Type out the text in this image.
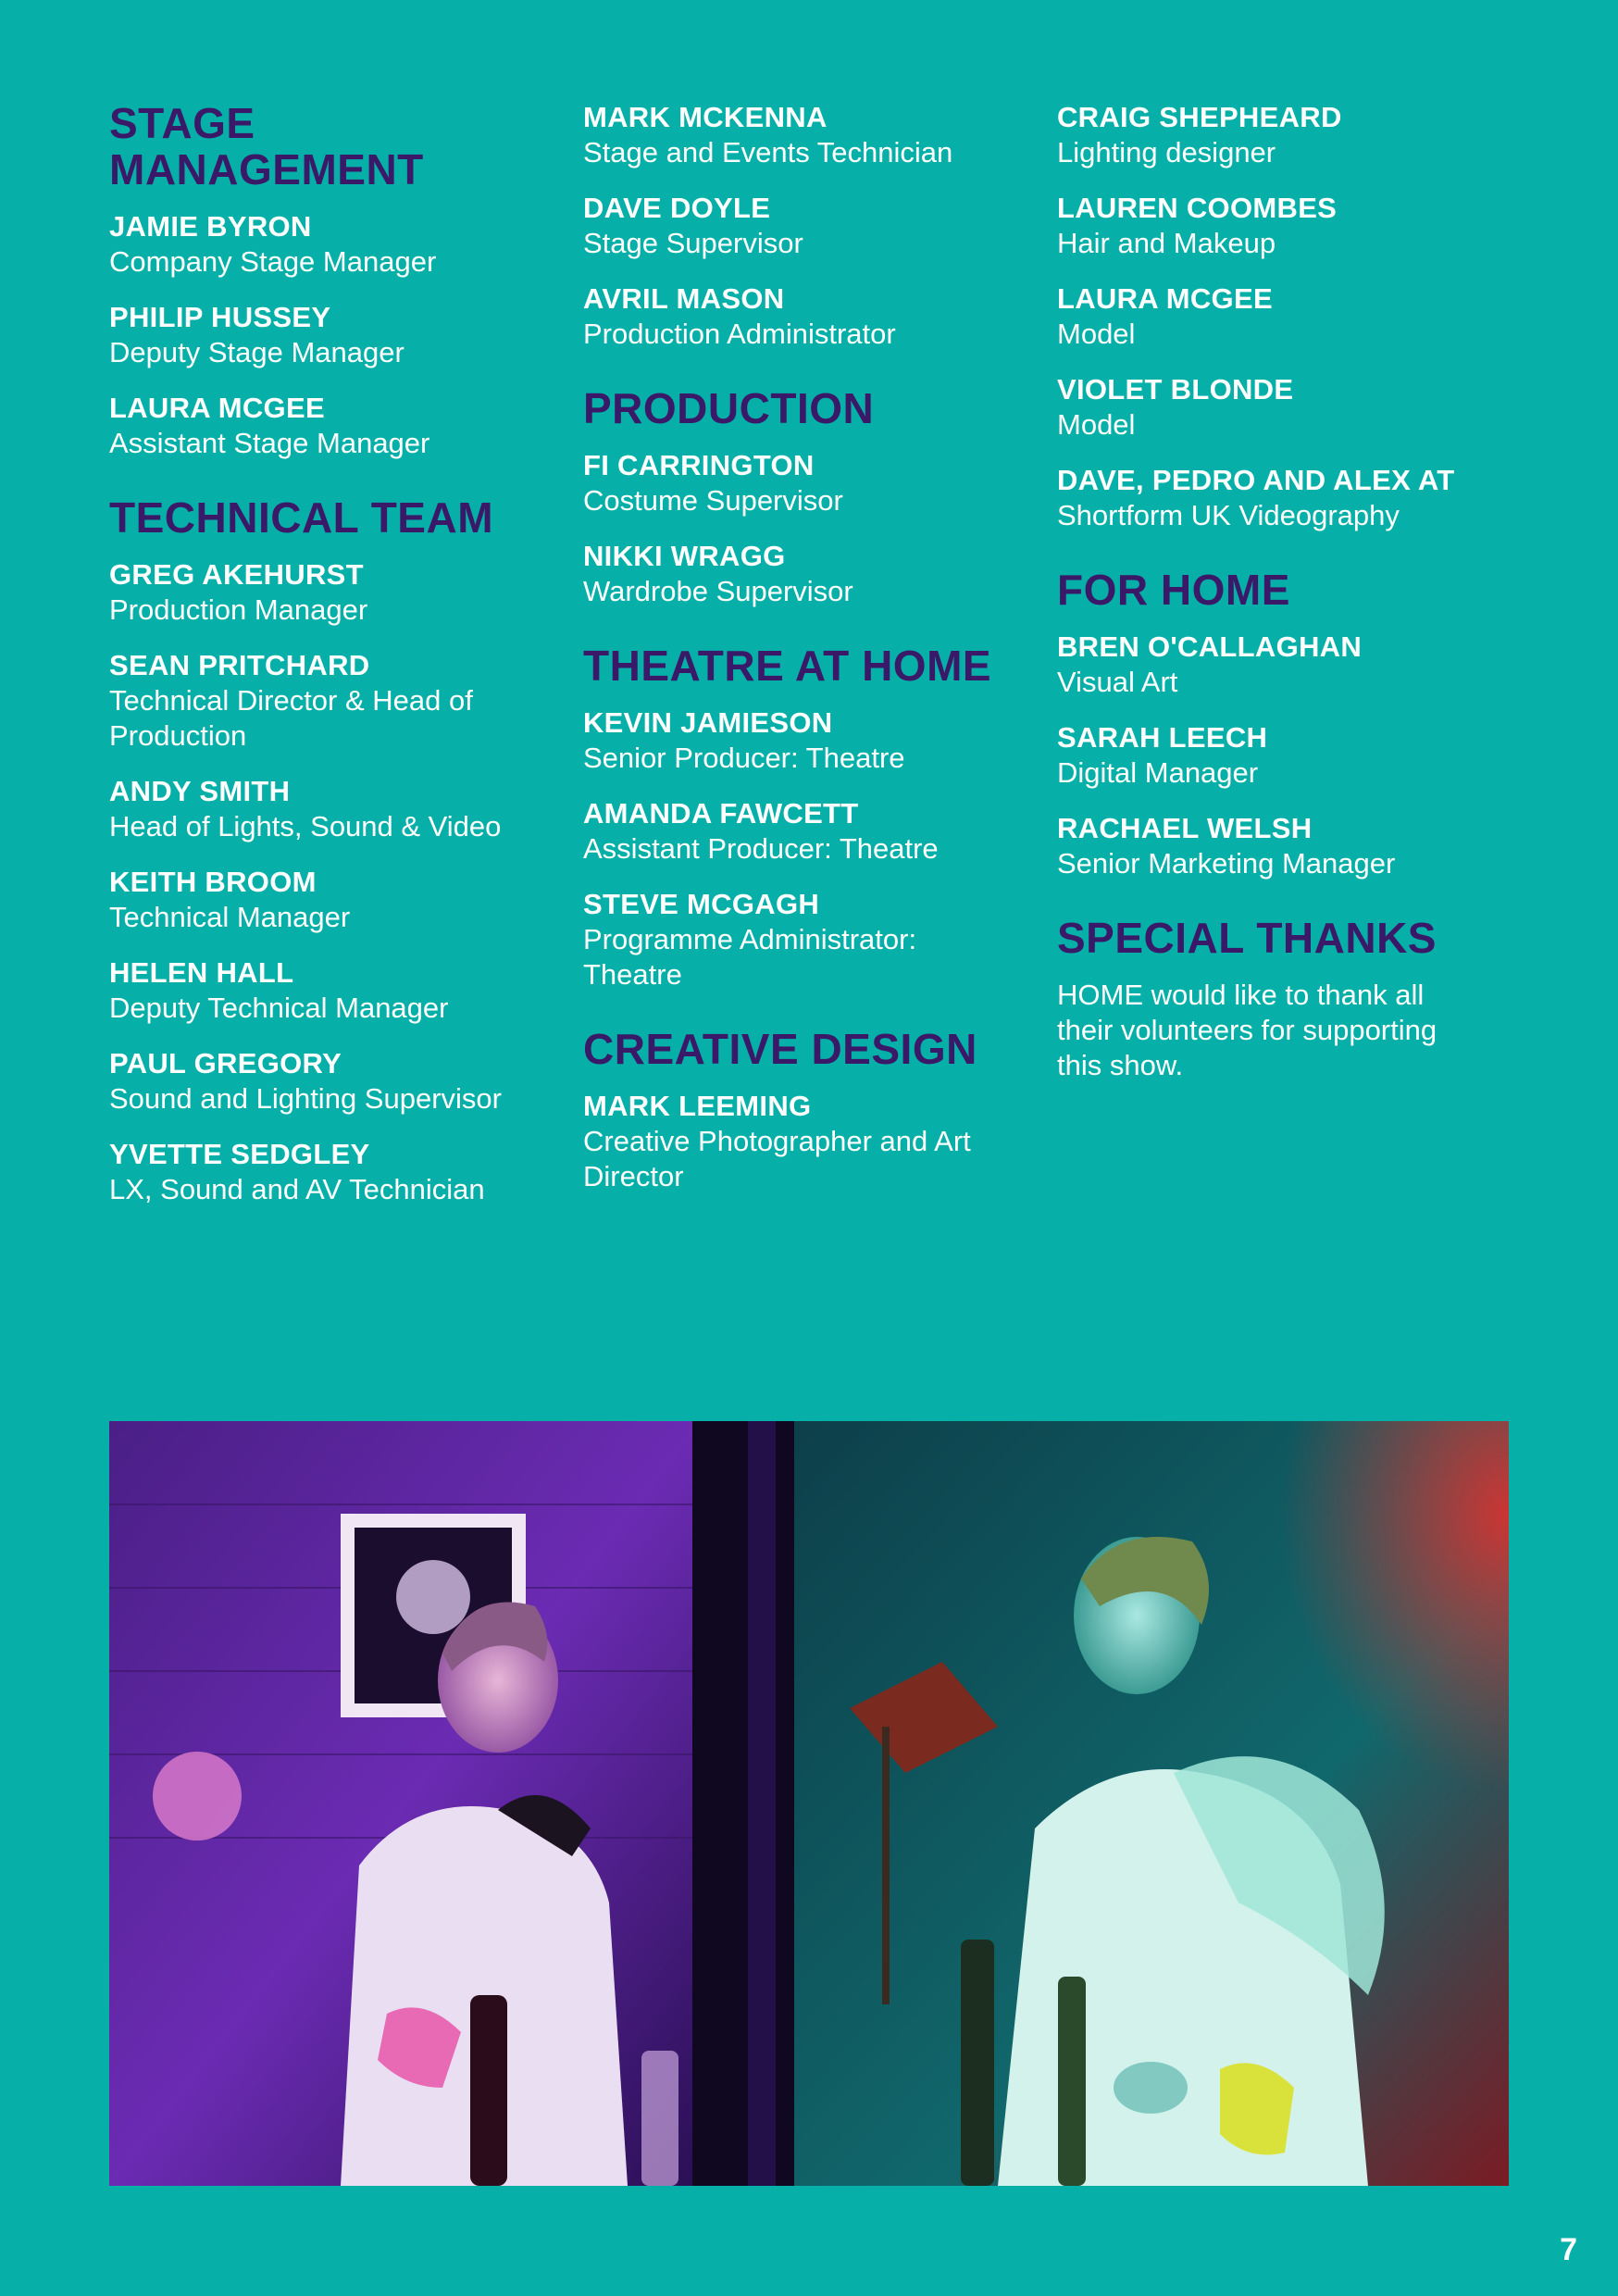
STAGE MANAGEMENT
JAMIE BYRON
Company Stage Manager
PHILIP HUSSEY
Deputy Stage Manager
LAURA MCGEE
Assistant Stage Manager
TECHNICAL TEAM
GREG AKEHURST
Production Manager
SEAN PRITCHARD
Technical Director & Head of Production
ANDY SMITH
Head of Lights, Sound & Video
KEITH BROOM
Technical Manager
HELEN HALL
Deputy Technical Manager
PAUL GREGORY
Sound and Lighting Supervisor
YVETTE SEDGLEY
LX, Sound and AV Technician
MARK MCKENNA
Stage and Events Technician
DAVE DOYLE
Stage Supervisor
AVRIL MASON
Production Administrator
PRODUCTION
FI CARRINGTON
Costume Supervisor
NIKKI WRAGG
Wardrobe Supervisor
THEATRE AT HOME
KEVIN JAMIESON
Senior Producer: Theatre
AMANDA FAWCETT
Assistant Producer: Theatre
STEVE MCGAGH
Programme Administrator: Theatre
CREATIVE DESIGN
MARK LEEMING
Creative Photographer and Art Director
CRAIG SHEPHEARD
Lighting designer
LAUREN COOMBES
Hair and Makeup
LAURA MCGEE
Model
VIOLET BLONDE
Model
DAVE, PEDRO AND ALEX AT
Shortform UK Videography
FOR HOME
BREN O'CALLAGHAN
Visual Art
SARAH LEECH
Digital Manager
RACHAEL WELSH
Senior Marketing Manager
SPECIAL THANKS

HOME would like to thank all their volunteers for supporting this show.

7
